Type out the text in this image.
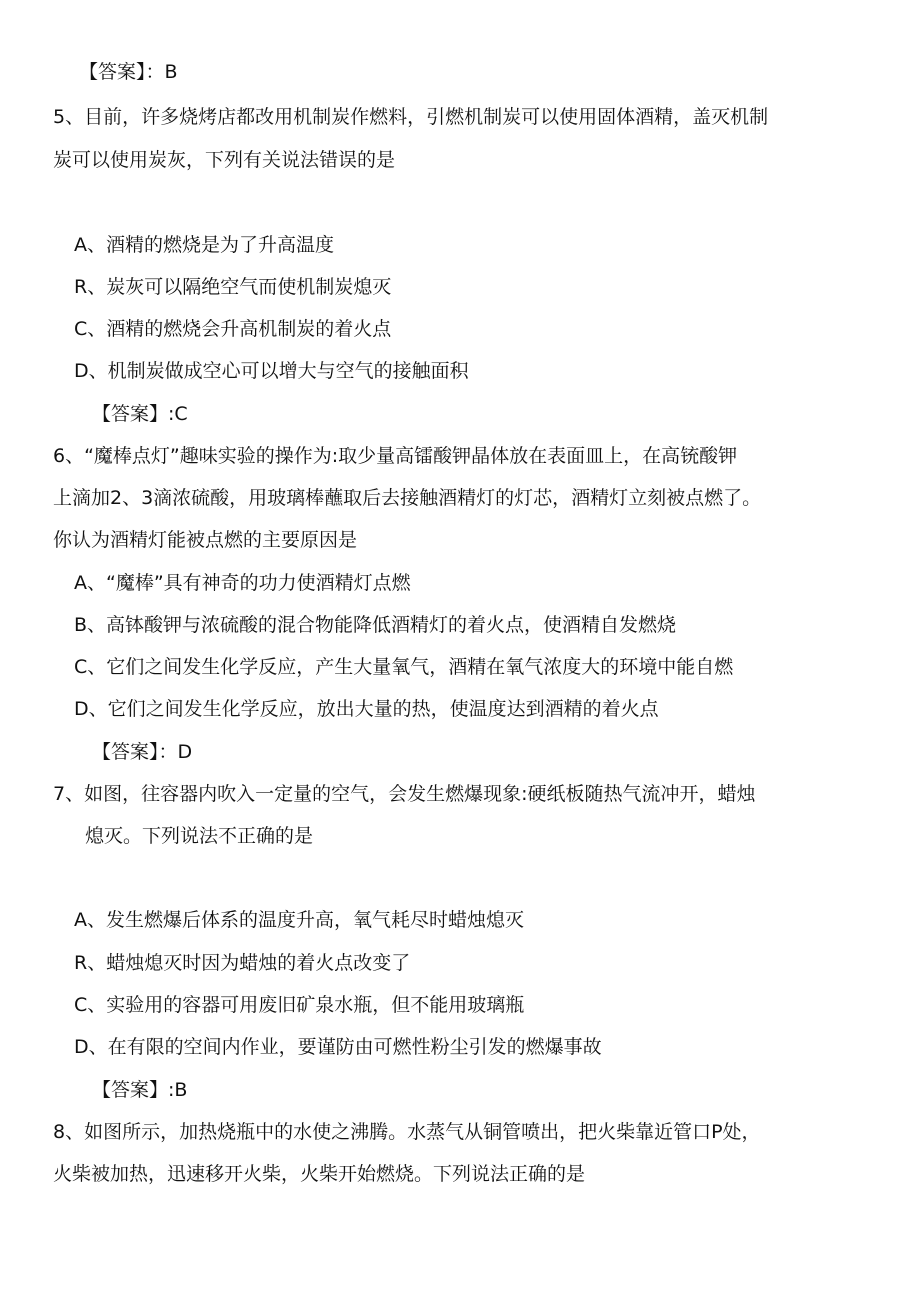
【答案】：B
5、目前，许多烧烤店都改用机制炭作燃料，引燃机制炭可以使用固体酒精，盖灭机制
炭可以使用炭灰，下列有关说法错误的是
A、酒精的燃烧是为了升高温度
R、炭灰可以隔绝空气而使机制炭熄灭
C、酒精的燃烧会升高机制炭的着火点
D、机制炭做成空心可以增大与空气的接触面积
【答案】:C
6、“魔棒点灯”趣味实验的操作为:取少量高镭酸钾晶体放在表面皿上，在高铳酸钾
上滴加2、3滴浓硫酸，用玻璃棒蘸取后去接触酒精灯的灯芯，酒精灯立刻被点燃了。
你认为酒精灯能被点燃的主要原因是
A、“魔棒”具有神奇的功力使酒精灯点燃
B、高钵酸钾与浓硫酸的混合物能降低酒精灯的着火点，使酒精自发燃烧
C、它们之间发生化学反应，产生大量氧气，酒精在氧气浓度大的环境中能自燃
D、它们之间发生化学反应，放出大量的热，使温度达到酒精的着火点
【答案】：D
7、如图，往容器内吹入一定量的空气，会发生燃爆现象:硬纸板随热气流冲开，蜡烛
熄灭。下列说法不正确的是
A、发生燃爆后体系的温度升高，氧气耗尽时蜡烛熄灭
R、蜡烛熄灭时因为蜡烛的着火点改变了
C、实验用的容器可用废旧矿泉水瓶，但不能用玻璃瓶
D、在有限的空间内作业，要谨防由可燃性粉尘引发的燃爆事故
【答案】:B
8、如图所示，加热烧瓶中的水使之沸腾。水蒸气从铜管喷出，把火柴靠近管口P处，
火柴被加热，迅速移开火柴，火柴开始燃烧。下列说法正确的是
